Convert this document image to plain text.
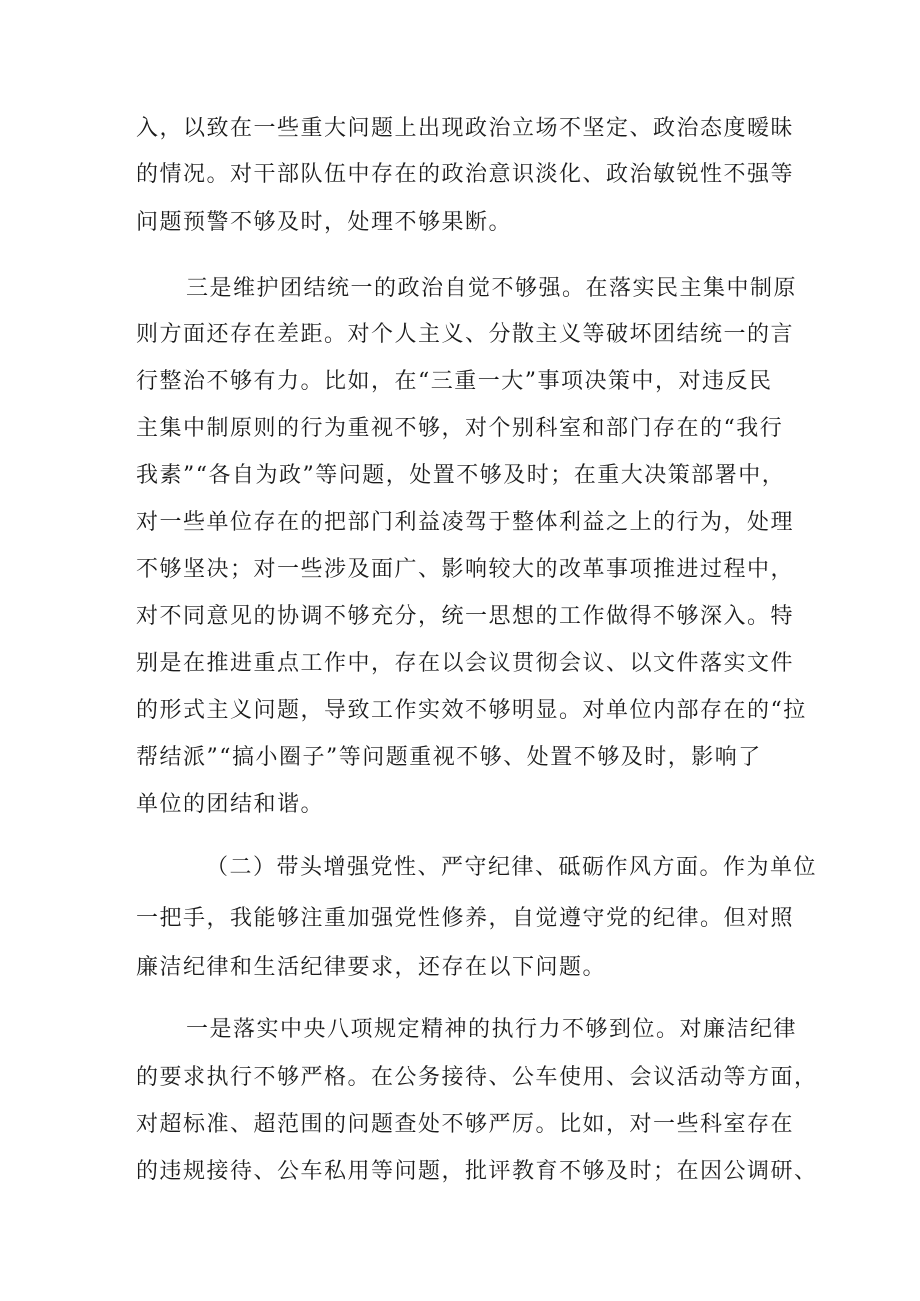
入，以致在一些重大问题上出现政治立场不坚定、政治态度暧昧
的情况。对干部队伍中存在的政治意识淡化、政治敏锐性不强等
问题预警不够及时，处理不够果断。
三是维护团结统一的政治自觉不够强。在落实民主集中制原
则方面还存在差距。对个人主义、分散主义等破坏团结统一的言
行整治不够有力。比如，在“三重一大”事项决策中，对违反民
主集中制原则的行为重视不够，对个别科室和部门存在的“我行
我素”“各自为政”等问题，处置不够及时；在重大决策部署中，
对一些单位存在的把部门利益凌驾于整体利益之上的行为，处理
不够坚决；对一些涉及面广、影响较大的改革事项推进过程中，
对不同意见的协调不够充分，统一思想的工作做得不够深入。特
别是在推进重点工作中，存在以会议贯彻会议、以文件落实文件
的形式主义问题，导致工作实效不够明显。对单位内部存在的“拉
帮结派”“搞小圈子”等问题重视不够、处置不够及时，影响了
单位的团结和谐。
（二）带头增强党性、严守纪律、砥砺作风方面。作为单位
一把手，我能够注重加强党性修养，自觉遵守党的纪律。但对照
廉洁纪律和生活纪律要求，还存在以下问题。
一是落实中央八项规定精神的执行力不够到位。对廉洁纪律
的要求执行不够严格。在公务接待、公车使用、会议活动等方面，
对超标准、超范围的问题查处不够严厉。比如，对一些科室存在
的违规接待、公车私用等问题，批评教育不够及时；在因公调研、
